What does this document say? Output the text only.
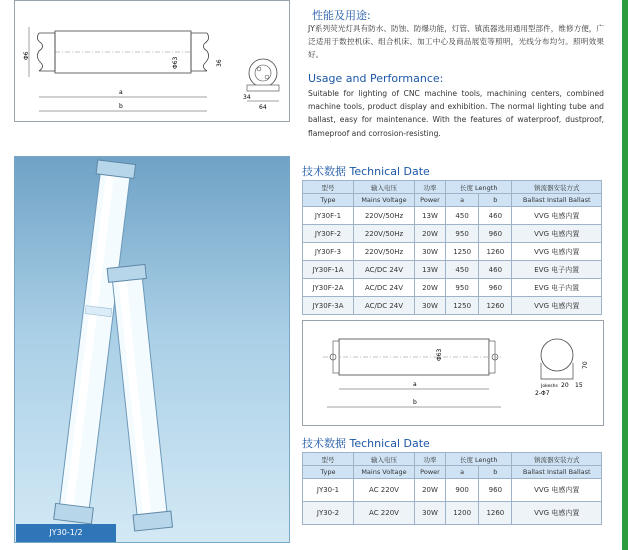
Φ6
Φ63	36
a
b
34
64
性能及用途:
JY系列荧光灯具有防水、防蚀、防爆功能，灯管、镇流器选用通用型部件，维修方便，广泛适用于数控机床、组合机床、加工中心及商品展览等照明，光线分布均匀。照明效果好。
Usage and Performance:
Suitable for lighting of CNC machine tools, machining centers, combined machine tools, product display and exhibition. The normal lighting tube and ballast, easy for maintenance. With the features of waterproof, dustproof, flameproof and corrosion-resisting.
JY30-1/2
技术数据 Technical Date
型号	输入电压	功率	长度 Length		镇流器安装方式
Type	Mains Voltage	Power	a	b	Ballast Install Ballast
JY30F-1	220V/50Hz	13W	450	460	VVG 电感内置
JY30F-2	220V/50Hz	20W	950	960	VVG 电感内置
JY30F-3	220V/50Hz	30W	1250	1260	VVG 电感内置
JY30F-1A	AC/DC 24V	13W	450	460	EVG 电子内置
JY30F-2A	AC/DC 24V	20W	950	960	EVG 电子内置
JY30F-3A	AC/DC 24V	30W	1250	1260	VVG 电感内置
Φ63
a
b
70
Jokeshs 20 15
2-Φ7
技术数据 Technical Date
型号	输入电压	功率	长度 Length		镇流器安装方式
Type	Mains Voltage	Power	a	b	Ballast Install Ballast
JY30-1	AC 220V	20W	900	960	VVG 电感内置
JY30-2	AC 220V	30W	1200	1260	VVG 电感内置
